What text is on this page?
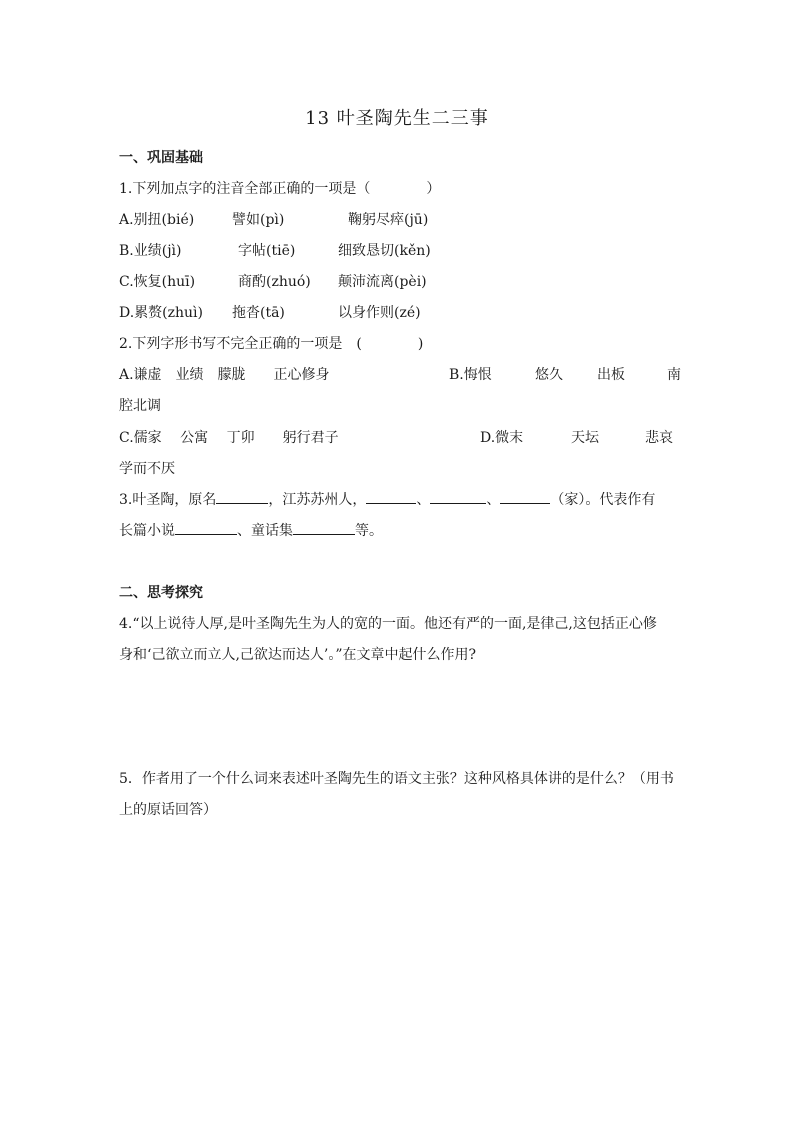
13 叶圣陶先生二三事
一、巩固基础
1.下列加点字的注音全部正确的一项是（　　　　）
A.别扭(bié)	譬如(pì)	鞠躬尽瘁(jū)
B.业绩(jì)	字帖(tiē)	细致恳切(kěn)
C.恢复(huī)	商酌(zhuó) 颠沛流离(pèi)
D.累赘(zhuì) 拖沓(tā)	以身作则(zé)
2.下列字形书写不完全正确的一项是　(　　　　)
A.谦虚　业绩　朦胧　　正心修身	B.悔恨	悠久 出板	南
腔北调
C.儒家　 公寓　 丁卯　　躬行君子	D.微末	天坛	悲哀
学而不厌
3.叶圣陶，原名	，江苏苏州人，	、	、	（家）。代表作有
长篇小说	、童话集	等。
二、思考探究
4.“以上说待人厚,是叶圣陶先生为人的宽的一面。他还有严的一面,是律己,这包括正心修
身和‘己欲立而立人,己欲达而达人’。”在文章中起什么作用?
5．作者用了一个什么词来表述叶圣陶先生的语文主张？这种风格具体讲的是什么？（用书
上的原话回答）
